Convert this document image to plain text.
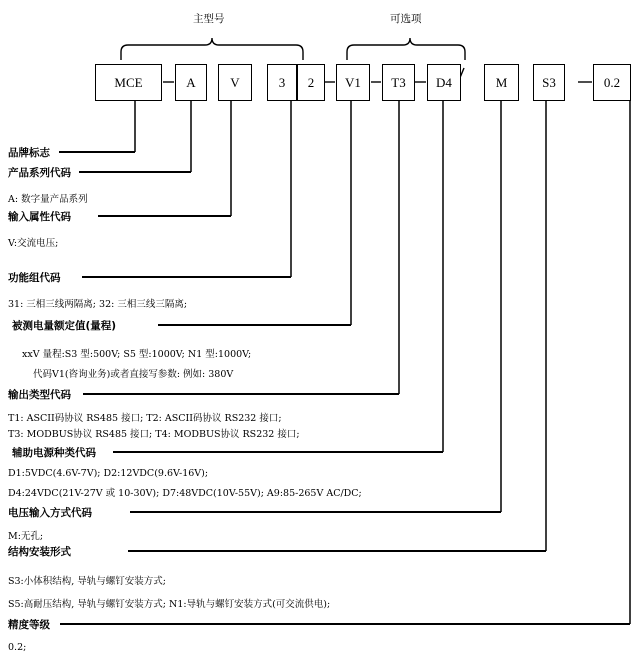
主型号	可选项
MCE	A	V	3	2	V1	T3	D4	M	S3	0.2
品牌标志
产品系列代码
A: 数字量产品系列
输入属性代码
V:交流电压;
功能组代码
31: 三相三线两隔离; 32: 三相三线三隔离;
被测电量额定值(量程)
xxV 量程:S3 型:500V; S5 型:1000V; N1 型:1000V;
代码V1(咨询业务)或者直接写参数: 例如: 380V
输出类型代码
T1: ASCII码协议 RS485 接口; T2: ASCII码协议 RS232 接口;
T3: MODBUS协议 RS485 接口; T4: MODBUS协议 RS232 接口;
辅助电源种类代码
D1:5VDC(4.6V-7V); D2:12VDC(9.6V-16V);
D4:24VDC(21V-27V 或 10-30V); D7:48VDC(10V-55V); A9:85-265V AC/DC;
电压输入方式代码
M:无孔;
结构安装形式
S3:小体积结构, 导轨与螺钉安装方式;
S5:高耐压结构, 导轨与螺钉安装方式; N1:导轨与螺钉安装方式(可交流供电);
精度等级
0.2;
